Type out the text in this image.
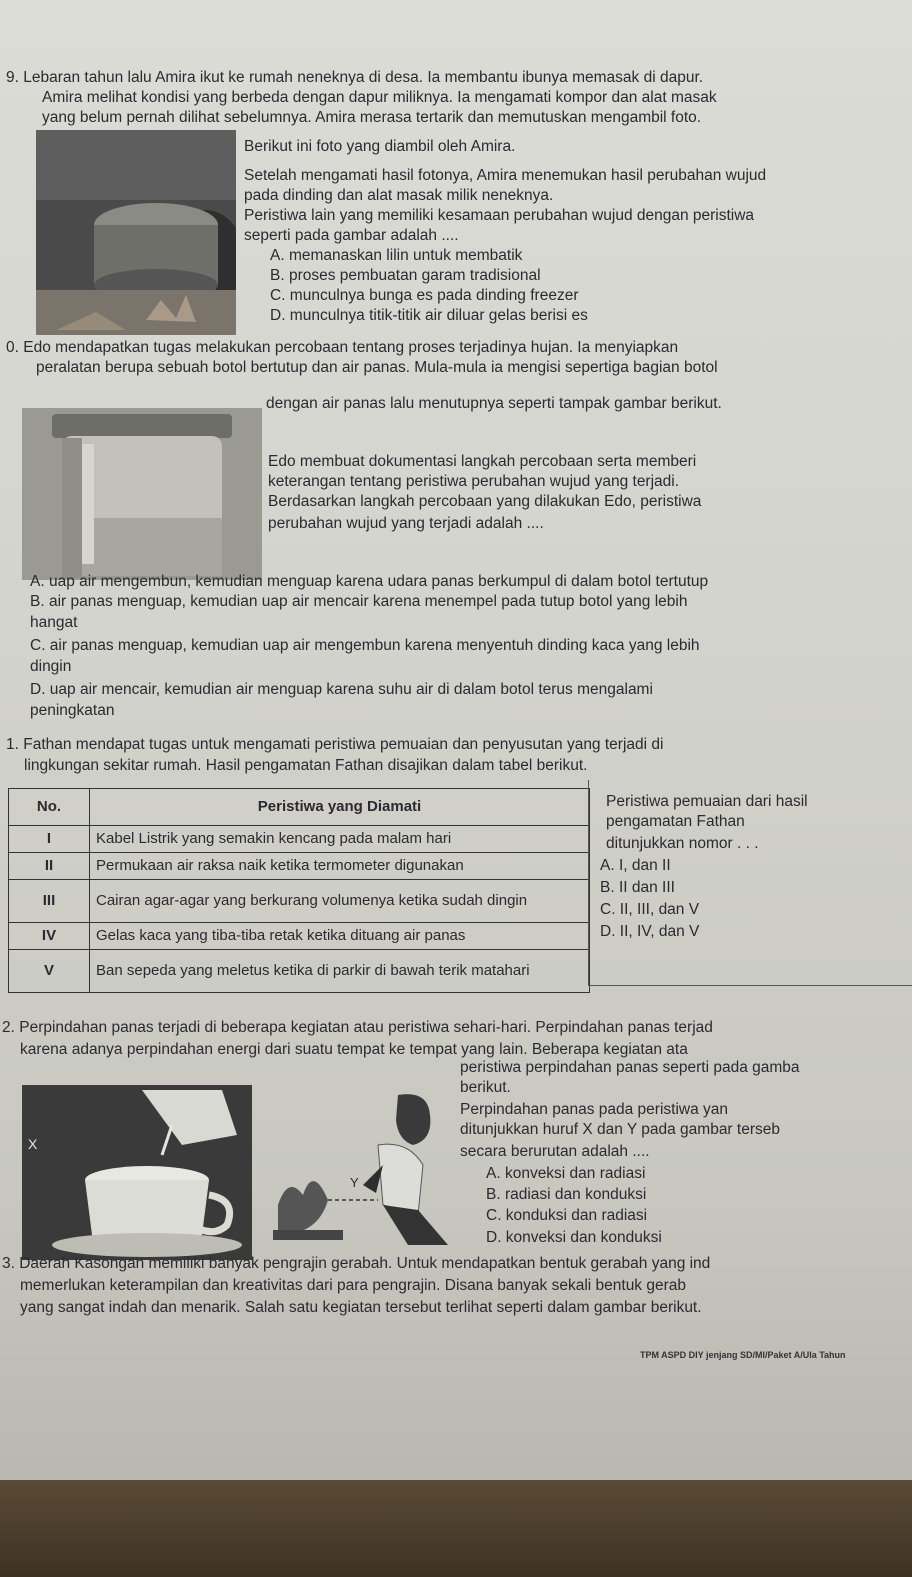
9. Lebaran tahun lalu Amira ikut ke rumah neneknya di desa. Ia membantu ibunya memasak di dapur.
Amira melihat kondisi yang berbeda dengan dapur miliknya. Ia mengamati kompor dan alat masak
yang belum pernah dilihat sebelumnya. Amira merasa tertarik dan memutuskan mengambil foto.
Berikut ini foto yang diambil oleh Amira.
Setelah mengamati hasil fotonya, Amira menemukan hasil perubahan wujud
pada dinding dan alat masak milik neneknya.
Peristiwa lain yang memiliki kesamaan perubahan wujud dengan peristiwa
seperti pada gambar adalah ....
A. memanaskan lilin untuk membatik
B. proses pembuatan garam tradisional
C. munculnya bunga es pada dinding freezer
D. munculnya titik-titik air diluar gelas berisi es
0. Edo mendapatkan tugas melakukan percobaan tentang proses terjadinya hujan. Ia menyiapkan
peralatan berupa sebuah botol bertutup dan air panas. Mula-mula ia mengisi sepertiga bagian botol
dengan air panas lalu menutupnya seperti tampak gambar berikut.
Edo membuat dokumentasi langkah percobaan serta memberi
keterangan tentang peristiwa perubahan wujud yang terjadi.
Berdasarkan langkah percobaan yang dilakukan Edo, peristiwa
perubahan wujud yang terjadi adalah ....
A. uap air mengembun, kemudian menguap karena udara panas berkumpul di dalam botol tertutup
B. air panas menguap, kemudian uap air mencair karena menempel pada tutup botol yang lebih
hangat
C. air panas menguap, kemudian uap air mengembun karena menyentuh dinding kaca yang lebih
dingin
D. uap air mencair, kemudian air menguap karena suhu air di dalam botol terus mengalami
peningkatan
1. Fathan mendapat tugas untuk mengamati peristiwa pemuaian dan penyusutan yang terjadi di
lingkungan sekitar rumah. Hasil pengamatan Fathan disajikan dalam tabel berikut.
No.	Peristiwa yang Diamati
I	Kabel Listrik yang semakin kencang pada malam hari
II	Permukaan air raksa naik ketika termometer digunakan
III	Cairan agar-agar yang berkurang volumenya ketika sudah dingin
IV	Gelas kaca yang tiba-tiba retak ketika dituang air panas
V	Ban sepeda yang meletus ketika di parkir di bawah terik matahari
Peristiwa pemuaian dari hasil
pengamatan Fathan
ditunjukkan nomor . . .
A. I, dan II
B. II dan III
C. II, III, dan V
D. II, IV, dan V
2. Perpindahan panas terjadi di beberapa kegiatan atau peristiwa sehari-hari. Perpindahan panas terjad
karena adanya perpindahan energi dari suatu tempat ke tempat yang lain. Beberapa kegiatan ata
X
Y
peristiwa perpindahan panas seperti pada gamba
berikut.
Perpindahan panas pada peristiwa yan
ditunjukkan huruf X dan Y pada gambar terseb
secara berurutan adalah ....
A. konveksi dan radiasi
B. radiasi dan konduksi
C. konduksi dan radiasi
D. konveksi dan konduksi
3. Daerah Kasongan memiliki banyak pengrajin gerabah. Untuk mendapatkan bentuk gerabah yang ind
memerlukan keterampilan dan kreativitas dari para pengrajin. Disana banyak sekali bentuk gerab
yang sangat indah dan menarik. Salah satu kegiatan tersebut terlihat seperti dalam gambar berikut.
TPM ASPD DIY jenjang SD/MI/Paket A/Ula Tahun
